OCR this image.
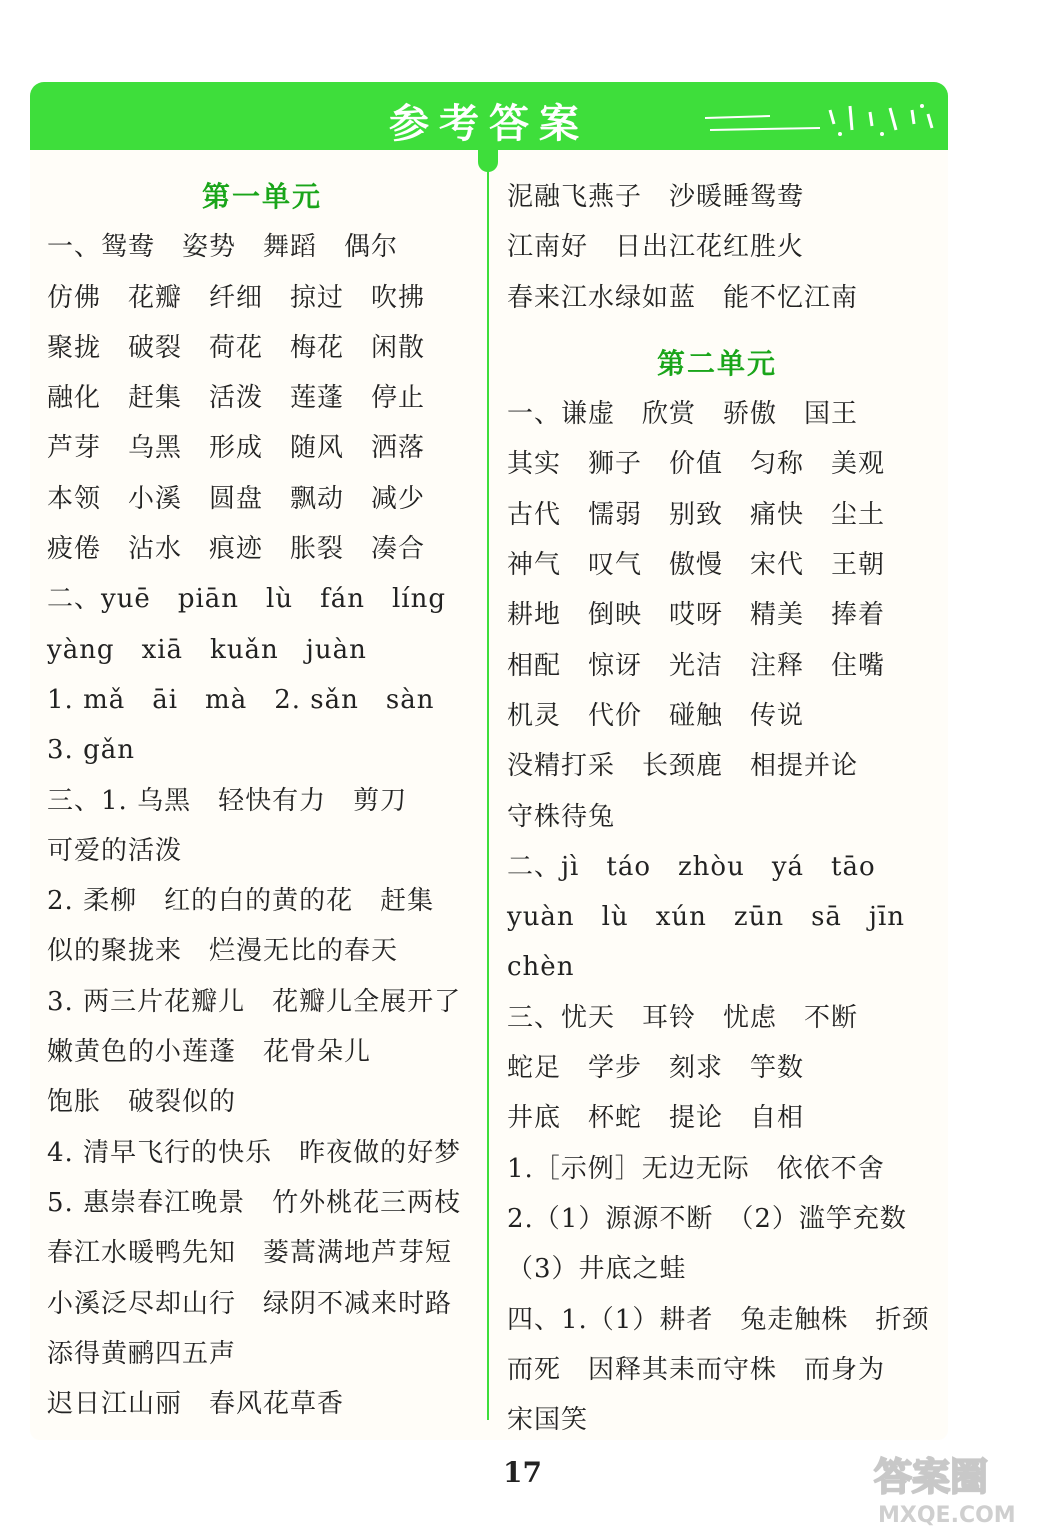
参考答案
第一单元
一、鸳鸯　姿势　舞蹈　偶尔
仿佛　花瓣　纤细　掠过　吹拂
聚拢　破裂　荷花　梅花　闲散
融化　赶集　活泼　莲蓬　停止
芦芽　乌黑　形成　随风　洒落
本领　小溪　圆盘　飘动　减少
疲倦　沾水　痕迹　胀裂　凑合
二、yuē　piān　lù　fán　líng
yàng　xiā　kuǎn　juàn
1. mǎ　āi　mà　2. sǎn　sàn
3. gǎn
三、1. 乌黑　轻快有力　剪刀
可爱的活泼
2. 柔柳　红的白的黄的花　赶集
似的聚拢来　烂漫无比的春天
3. 两三片花瓣儿　花瓣儿全展开了
嫩黄色的小莲蓬　花骨朵儿
饱胀　破裂似的
4. 清早飞行的快乐　昨夜做的好梦
5. 惠崇春江晚景　竹外桃花三两枝
春江水暖鸭先知　蒌蒿满地芦芽短
小溪泛尽却山行　绿阴不减来时路
添得黄鹂四五声
迟日江山丽　春风花草香
泥融飞燕子　沙暖睡鸳鸯
江南好　日出江花红胜火
春来江水绿如蓝　能不忆江南
第二单元
一、谦虚　欣赏　骄傲　国王
其实　狮子　价值　匀称　美观
古代　懦弱　别致　痛快　尘土
神气　叹气　傲慢　宋代　王朝
耕地　倒映　哎呀　精美　捧着
相配　惊讶　光洁　注释　住嘴
机灵　代价　碰触　传说
没精打采　长颈鹿　相提并论
守株待兔
二、jì　táo　zhòu　yá　tāo
yuàn　lù　xún　zūn　sā　jīn
chèn
三、忧天　耳铃　忧虑　不断
蛇足　学步　刻求　竽数
井底　杯蛇　提论　自相
1.［示例］无边无际　依依不舍
2.（1）源源不断　（2）滥竽充数
（3）井底之蛙
四、1.（1）耕者　兔走触株　折颈
而死　因释其耒而守株　而身为
宋国笑
17	答案圈
MXQE.COM
